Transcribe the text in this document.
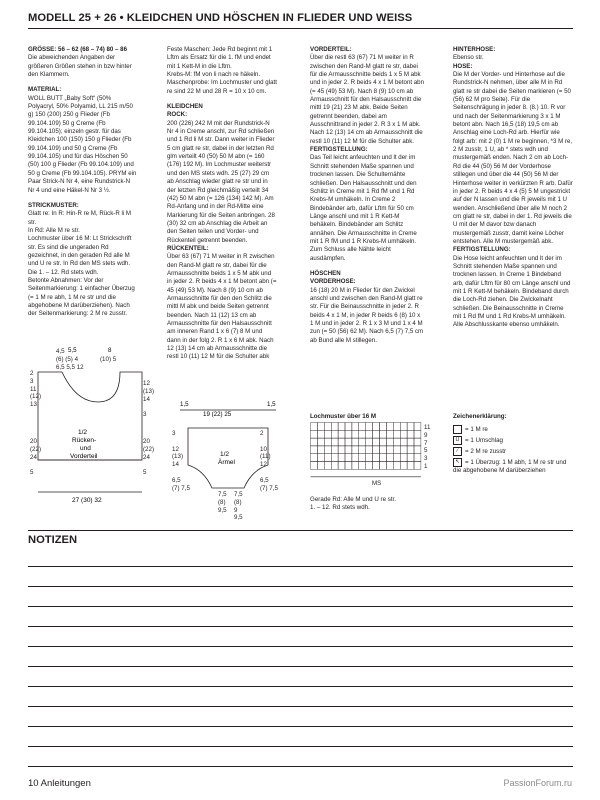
MODELL 25 + 26 • KLEIDCHEN UND HÖSCHEN IN FLIEDER UND WEISS

GRÖSSE: 56 – 62 (68 – 74) 80 – 86
Die abweichenden Angaben der größeren Größen stehen in bzw hinter den Klammern.

MATERIAL:
WOLL BUTT „Baby Soft“ (50% Polyacryl, 50% Polyamid, LL 215 m/50 g) 150 (200) 250 g Flieder (Fb 99.104.109) 50 g Creme (Fb 99.104.105); einzeln gestr. für das Kleidchen 100 (150) 150 g Flieder (Fb 99.104.109) und 50 g Creme (Fb 99.104.105) und für das Höschen 50 (50) 100 g Flieder (Fb 99.104.109) und 50 g Creme (Fb 99.104.105). PRYM ein Paar Strick-N Nr 4, eine Rundstrick-N Nr 4 und eine Häkel-N Nr 3 ½.

STRICKMUSTER:
Glatt re: In R: Hin-R re M, Rück-R li M str.
In Rd: Alle M re str.
Lochmuster über 16 M: Lt Strickschrift str. Es sind die ungeraden Rd gezeichnet, in den geraden Rd alle M und U re str. In Rd den MS stets wdh. Die 1. – 12. Rd stets wdh.
Betonte Abnahmen: Vor der Seitenmarkierung: 1 einfacher Überzug (= 1 M re abh, 1 M re str und die abgehobene M darüberziehen). Nach der Seitenmarkierung: 2 M re zusstr.

Feste Maschen: Jede Rd beginnt mit 1 Lftm als Ersatz für die 1. fM und endet mit 1 Kett-M in die Lftm.
Krebs-M: fM von li nach re häkeln.
Maschenprobe: Im Lochmuster und glatt re sind 22 M und 28 R = 10 x 10 cm.

KLEIDCHEN
ROCK:
200 (226) 242 M mit der Rundstrick-N Nr 4 in Creme anschl, zur Rd schließen und 1 Rd li M str. Dann weiter in Flieder 5 cm glatt re str, dabei in der letzten Rd glm verteilt 40 (50) 50 M abn (= 160 (176) 192 M). Im Lochmuster weiterstr und den MS stets wdh. 25 (27) 29 cm ab Anschlag wieder glatt re str und in der letzten Rd gleichmäßig verteilt 34 (42) 50 M abn (= 126 (134) 142 M). Am Rd-Anfang und in der Rd-Mitte eine Markierung für die Seiten anbringen. 28 (30) 32 cm ab Anschlag die Arbeit an den Seiten teilen und Vorder- und Rückenteil getrennt beenden.
RÜCKENTEIL:
Über 63 (67) 71 M weiter in R zwischen den Rand-M glatt re str, dabei für die Armausschnitte beids 1 x 5 M abk und in jeder 2. R beids 4 x 1 M betont abn (= 45 (49) 53 M). Nach 8 (9) 10 cm ab Armausschnitte für den den Schlitz die mittl M abk und beide Seiten getrennt beenden. Nach 11 (12) 13 cm ab Armausschnitte für den Halsausschnitt am inneren Rand 1 x 6 (7) 8 M und dann in der folg 2. R 1 x 6 M abk. Nach 12 (13) 14 cm ab Armausschnitte die restl 10 (11) 12 M für die Schulter abk

VORDERTEIL:
Über die restl 63 (67) 71 M weiter in R zwischen den Rand-M glatt re str, dabei für die Armausschnitte beids 1 x 5 M abk und in jeder 2. R beids 4 x 1 M betont abn (= 45 (49) 53 M). Nach 8 (9) 10 cm ab Armausschnitt für den Halsausschnitt die mittl 19 (21) 23 M abk. Beide Seiten getrennt beenden, dabei am Ausschnittrand in jeder 2. R 3 x 1 M abk. Nach 12 (13) 14 cm ab Armausschnitt die restl 10 (11) 12 M für die Schulter abk.
FERTIGSTELLUNG:
Das Teil leicht anfeuchten und lt der im Schnitt stehenden Maße spannen und trocknen lassen. Die Schulternähte schließen. Den Halsausschnitt und den Schlitz in Creme mit 1 Rd fM und 1 Rd Krebs-M umhäkeln. In Creme 2 Bindebänder arb, dafür Lftm für 50 cm Länge anschl und mit 1 R Kett-M behäkeln. Bindebänder am Schlitz annähen. Die Armausschnitte in Creme mit 1 R fM und 1 R Krebs-M umhäkeln. Zum Schluss alle Nähte leicht ausdämpfen.

HÖSCHEN
VORDERHOSE:
16 (18) 20 M in Flieder für den Zwickel anschl und zwischen den Rand-M glatt re str. Für die Beinausschnitte in jeder 2. R beids 4 x 1 M, in jeder R beids 6 (8) 10 x 1 M und in jeder 2. R 1 x 3 M und 1 x 4 M zun (= 50 (56) 62 M). Nach 6,5 (7) 7,5 cm ab Bund alle M stillegen.

HINTERHOSE:
Ebenso str.
HOSE:
Die M der Vorder- und Hinterhose auf die Rundstrick-N nehmen, über alle M in Rd glatt re str dabei die Seiten markieren (= 50 (56) 62 M pro Seite). Für die Seitenschrägung in jeder 8. (8.) 10. R vor und nach der Seitenmarkierung 3 x 1 M betont abn. Nach 16,5 (18) 19,5 cm ab Anschlag eine Loch-Rd arb. Hierfür wie folgt arb: mit 2 (0) 1 M re beginnen, *3 M re, 2 M zusstr, 1 U, ab * stets wdh und mustergemäß enden. Nach 2 cm ab Loch-Rd die 44 (50) 56 M der Vorderhose stillegen und über die 44 (50) 56 M der Hinterhose weiter in verkürzten R arb. Dafür in jeder 2. R beids 4 x 4 (5) 5 M ungestrickt auf der N lassen und die R jeweils mit 1 U wenden. Anschließend über alle M noch 2 cm glatt re str, dabei in der 1. Rd jeweils die U mit der M davor bzw danach mustergemäß zusstr, damit keine Löcher entstehen. Alle M mustergemäß abk.
FERTIGSTELLUNG:
Die Hose leicht anfeuchten und lt der im Schnitt stehenden Maße spannen und trocknen lassen. In Creme 1 Bindeband arb, dafür Lftm für 80 cm Länge anschl und mit 1 R Kett-M behäkeln. Bindeband durch die Loch-Rd ziehen. Die Zwickelnaht schließen. Die Beinausschnitte in Creme mit 1 Rd fM und 1 Rd Krebs-M umhäkeln. Alle Abschlusskante ebenso umhäkeln.

5,5	8
1/2
Rücken-
und
Vorderteil
27 (30) 32
4,5
(6) (5) 4	(10) 5
6,5 5,5 12
2
3
11
(12)
13
20
(22)
24

5
12
(13)
14

3
20
(22)
24

5
1,5
19 (22) 25
1,5
1/2
Ärmel
3

12
(13)
14

6,5
(7) 7,5
2

10
(11)
12

6,5
(7) 7,5
7,5
(8)
9,5
7,5
(8)
9
9,5
Lochmuster über 16 M
11
9
7
5
3
1
MS
Gerade Rd: Alle M und U re str.
1. – 12. Rd stets wdh.
Zeichenerklärung:
= 1 M re
U = 1 Umschlag
∕ = 2 M re zusstr
↖ = 1 Überzug: 1 M abh, 1 M re str und die abgehobene M darüberziehen
NOTIZEN
10 Anleitungen	PassionForum.ru
